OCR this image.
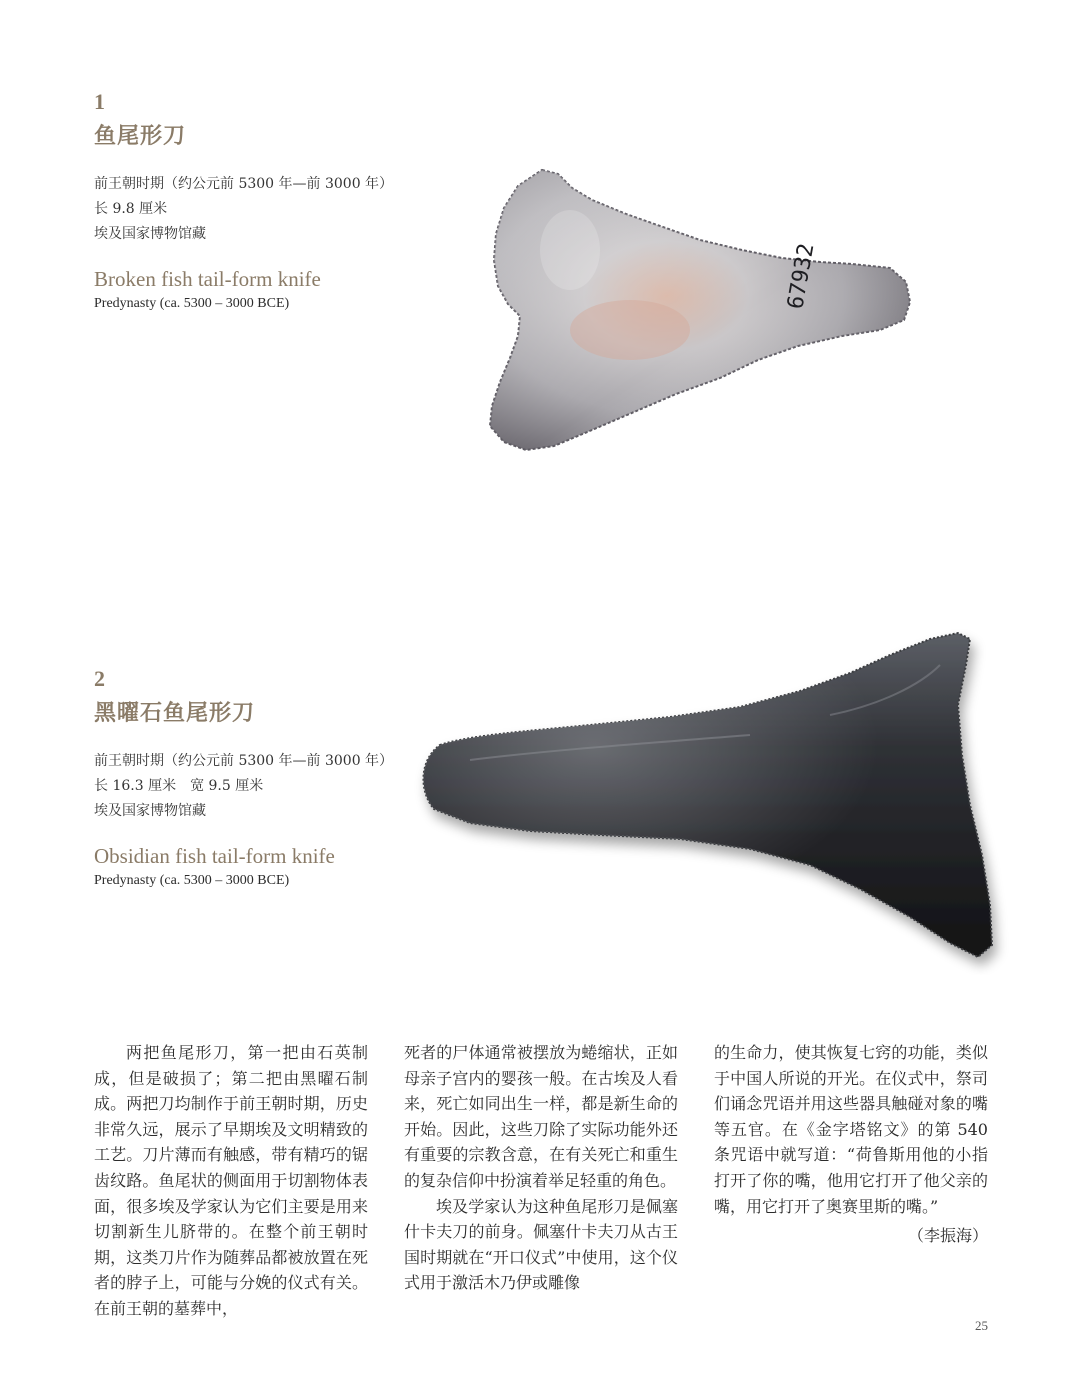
1

鱼尾形刀

前王朝时期（约公元前 5300 年—前 3000 年）
长 9.8 厘米
埃及国家博物馆藏
Broken fish tail-form knife
Predynasty (ca. 5300 – 3000 BCE)	67932

2

黑曜石鱼尾形刀

前王朝时期（约公元前 5300 年—前 3000 年）
长 16.3 厘米　宽 9.5 厘米
埃及国家博物馆藏
Obsidian fish tail-form knife
Predynasty (ca. 5300 – 3000 BCE)

两把鱼尾形刀，第一把由石英制成，但是破损了；第二把由黑曜石制成。两把刀均制作于前王朝时期，历史非常久远，展示了早期埃及文明精致的工艺。刀片薄而有触感，带有精巧的锯齿纹路。鱼尾状的侧面用于切割物体表面，很多埃及学家认为它们主要是用来切割新生儿脐带的。在整个前王朝时期，这类刀片作为随葬品都被放置在死者的脖子上，可能与分娩的仪式有关。在前王朝的墓葬中，

死者的尸体通常被摆放为蜷缩状，正如母亲子宫内的婴孩一般。在古埃及人看来，死亡如同出生一样，都是新生命的开始。因此，这些刀除了实际功能外还有重要的宗教含意，在有关死亡和重生的复杂信仰中扮演着举足轻重的角色。

埃及学家认为这种鱼尾形刀是佩塞什卡夫刀的前身。佩塞什卡夫刀从古王国时期就在“开口仪式”中使用，这个仪式用于激活木乃伊或雕像

的生命力，使其恢复七窍的功能，类似于中国人所说的开光。在仪式中，祭司们诵念咒语并用这些器具触碰对象的嘴等五官。在《金字塔铭文》的第 540 条咒语中就写道：“荷鲁斯用他的小指打开了你的嘴，他用它打开了他父亲的嘴，用它打开了奥赛里斯的嘴。”

（李振海）

25
